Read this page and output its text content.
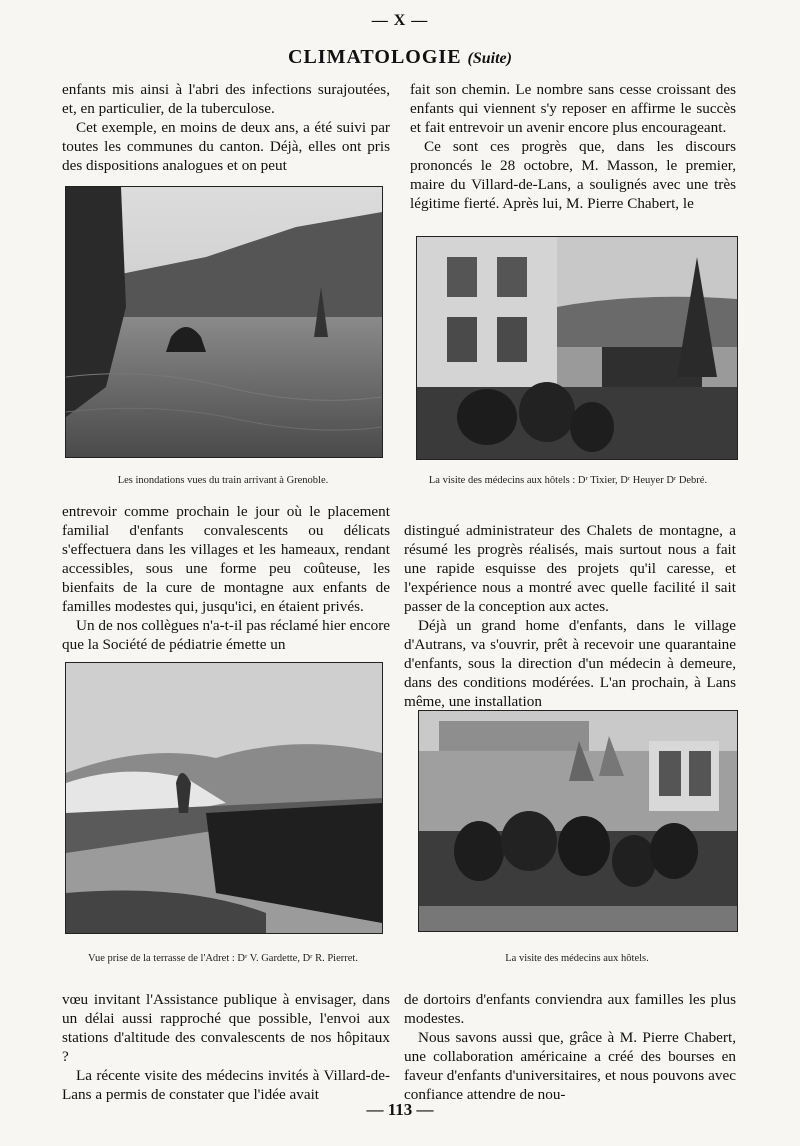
— X —
CLIMATOLOGIE (Suite)

enfants mis ainsi à l'abri des infections surajoutées, et, en particulier, de la tuberculose.

Cet exemple, en moins de deux ans, a été suivi par toutes les communes du canton. Déjà, elles ont pris des dispositions analogues et on peut

fait son chemin. Le nombre sans cesse croissant des enfants qui viennent s'y reposer en affirme le succès et fait entrevoir un avenir encore plus encourageant.

Ce sont ces progrès que, dans les discours prononcés le 28 octobre, M. Masson, le premier, maire du Villard-de-Lans, a soulignés avec une très légitime fierté. Après lui, M. Pierre Chabert, le

Les inondations vues du train arrivant à Grenoble.	La visite des médecins aux hôtels : Dʳ Tixier, Dʳ Heuyer Dʳ Debré.

entrevoir comme prochain le jour où le placement familial d'enfants convalescents ou délicats s'effectuera dans les villages et les hameaux, rendant accessibles, sous une forme peu coûteuse, les bienfaits de la cure de montagne aux enfants de familles modestes qui, jusqu'ici, en étaient privés.

Un de nos collègues n'a-t-il pas réclamé hier encore que la Société de pédiatrie émette un

distingué administrateur des Chalets de montagne, a résumé les progrès réalisés, mais surtout nous a fait une rapide esquisse des projets qu'il caresse, et l'expérience nous a montré avec quelle facilité il sait passer de la conception aux actes.

Déjà un grand home d'enfants, dans le village d'Autrans, va s'ouvrir, prêt à recevoir une quarantaine d'enfants, sous la direction d'un médecin à demeure, dans des conditions modérées. L'an prochain, à Lans même, une installation

Vue prise de la terrasse de l'Adret : Dʳ V. Gardette, Dʳ R. Pierret.	La visite des médecins aux hôtels.

vœu invitant l'Assistance publique à envisager, dans un délai aussi rapproché que possible, l'envoi aux stations d'altitude des convalescents de nos hôpitaux ?

La récente visite des médecins invités à Villard-de-Lans a permis de constater que l'idée avait

de dortoirs d'enfants conviendra aux familles les plus modestes.

Nous savons aussi que, grâce à M. Pierre Chabert, une collaboration américaine a créé des bourses en faveur d'enfants d'universitaires, et nous pouvons avec confiance attendre de nou-

— 113 —
